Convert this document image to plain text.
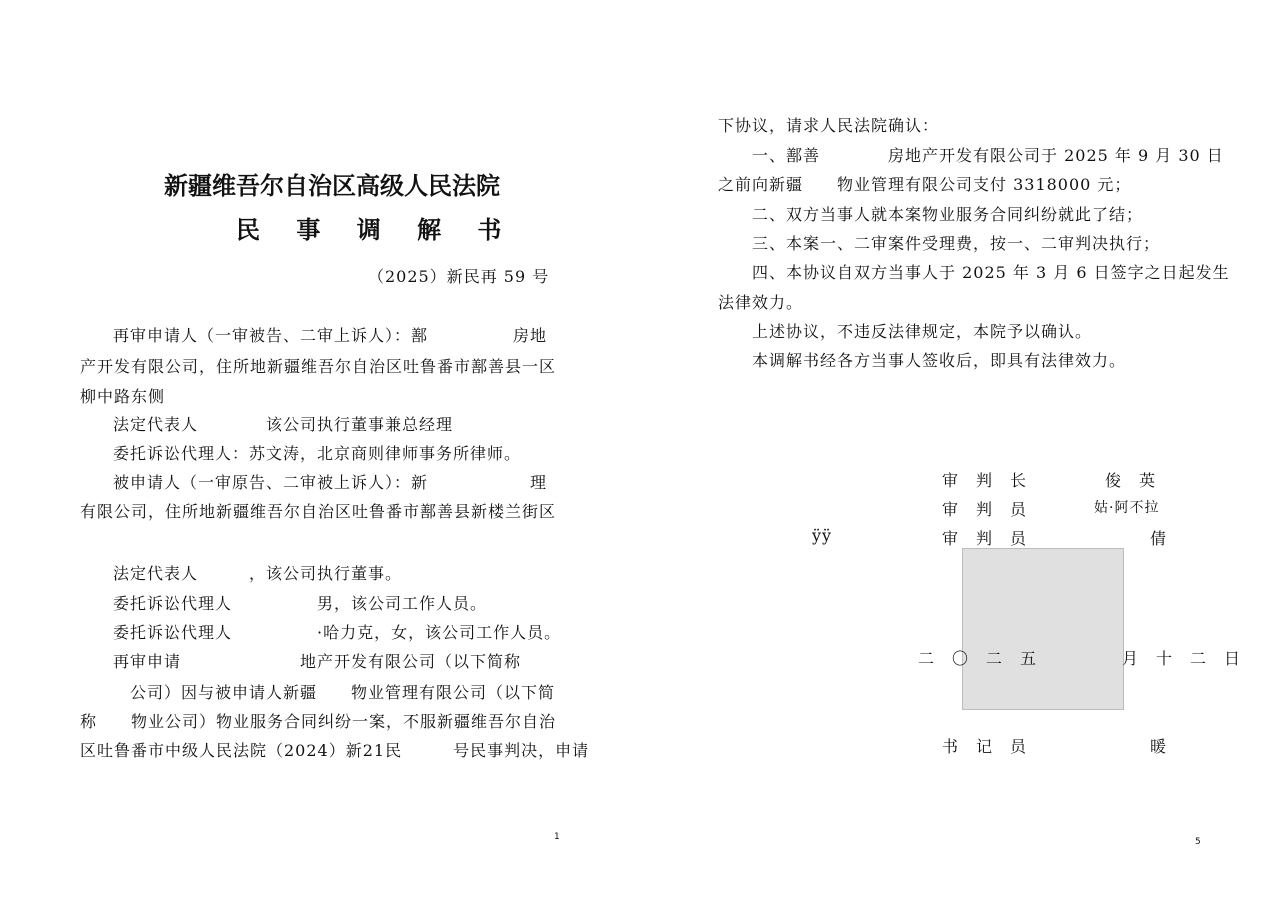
新疆维吾尔自治区高级人民法院
民 事 调 解 书
（2025）新民再 59 号
再审申请人（一审被告、二审上诉人）：鄯　　　　　房地
产开发有限公司，住所地新疆维吾尔自治区吐鲁番市鄯善县一区
柳中路东侧
法定代表人　　　　该公司执行董事兼总经理
委托诉讼代理人：苏文涛，北京商则律师事务所律师。
被申请人（一审原告、二审被上诉人）：新　　　　　　理
有限公司，住所地新疆维吾尔自治区吐鲁番市鄯善县新楼兰街区
法定代表人　　　，该公司执行董事。
委托诉讼代理人　　　　　男，该公司工作人员。
委托诉讼代理人　　　　　·哈力克，女，该公司工作人员。
再审申请　　　　　　　地产开发有限公司（以下简称
公司）因与被申请人新疆　　物业管理有限公司（以下简
称　　物业公司）物业服务合同纠纷一案，不服新疆维吾尔自治
区吐鲁番市中级人民法院（2024）新21民　　　号民事判决，申请
1
下协议，请求人民法院确认：
一、鄯善　　　　房地产开发有限公司于 2025 年 9 月 30 日
之前向新疆　　物业管理有限公司支付 3318000 元；
二、双方当事人就本案物业服务合同纠纷就此了结；
三、本案一、二审案件受理费，按一、二审判决执行；
四、本协议自双方当事人于 2025 年 3 月 6 日签字之日起发生
法律效力。
上述协议，不违反法律规定，本院予以确认。
本调解书经各方当事人签收后，即具有法律效力。
审　判　长	俊　英
审　判　员	姑·阿不拉
审　判　员	倩
ÿÿ
二　〇　二　五　　　　　月　十　二　日
书　记　员	暖
5
